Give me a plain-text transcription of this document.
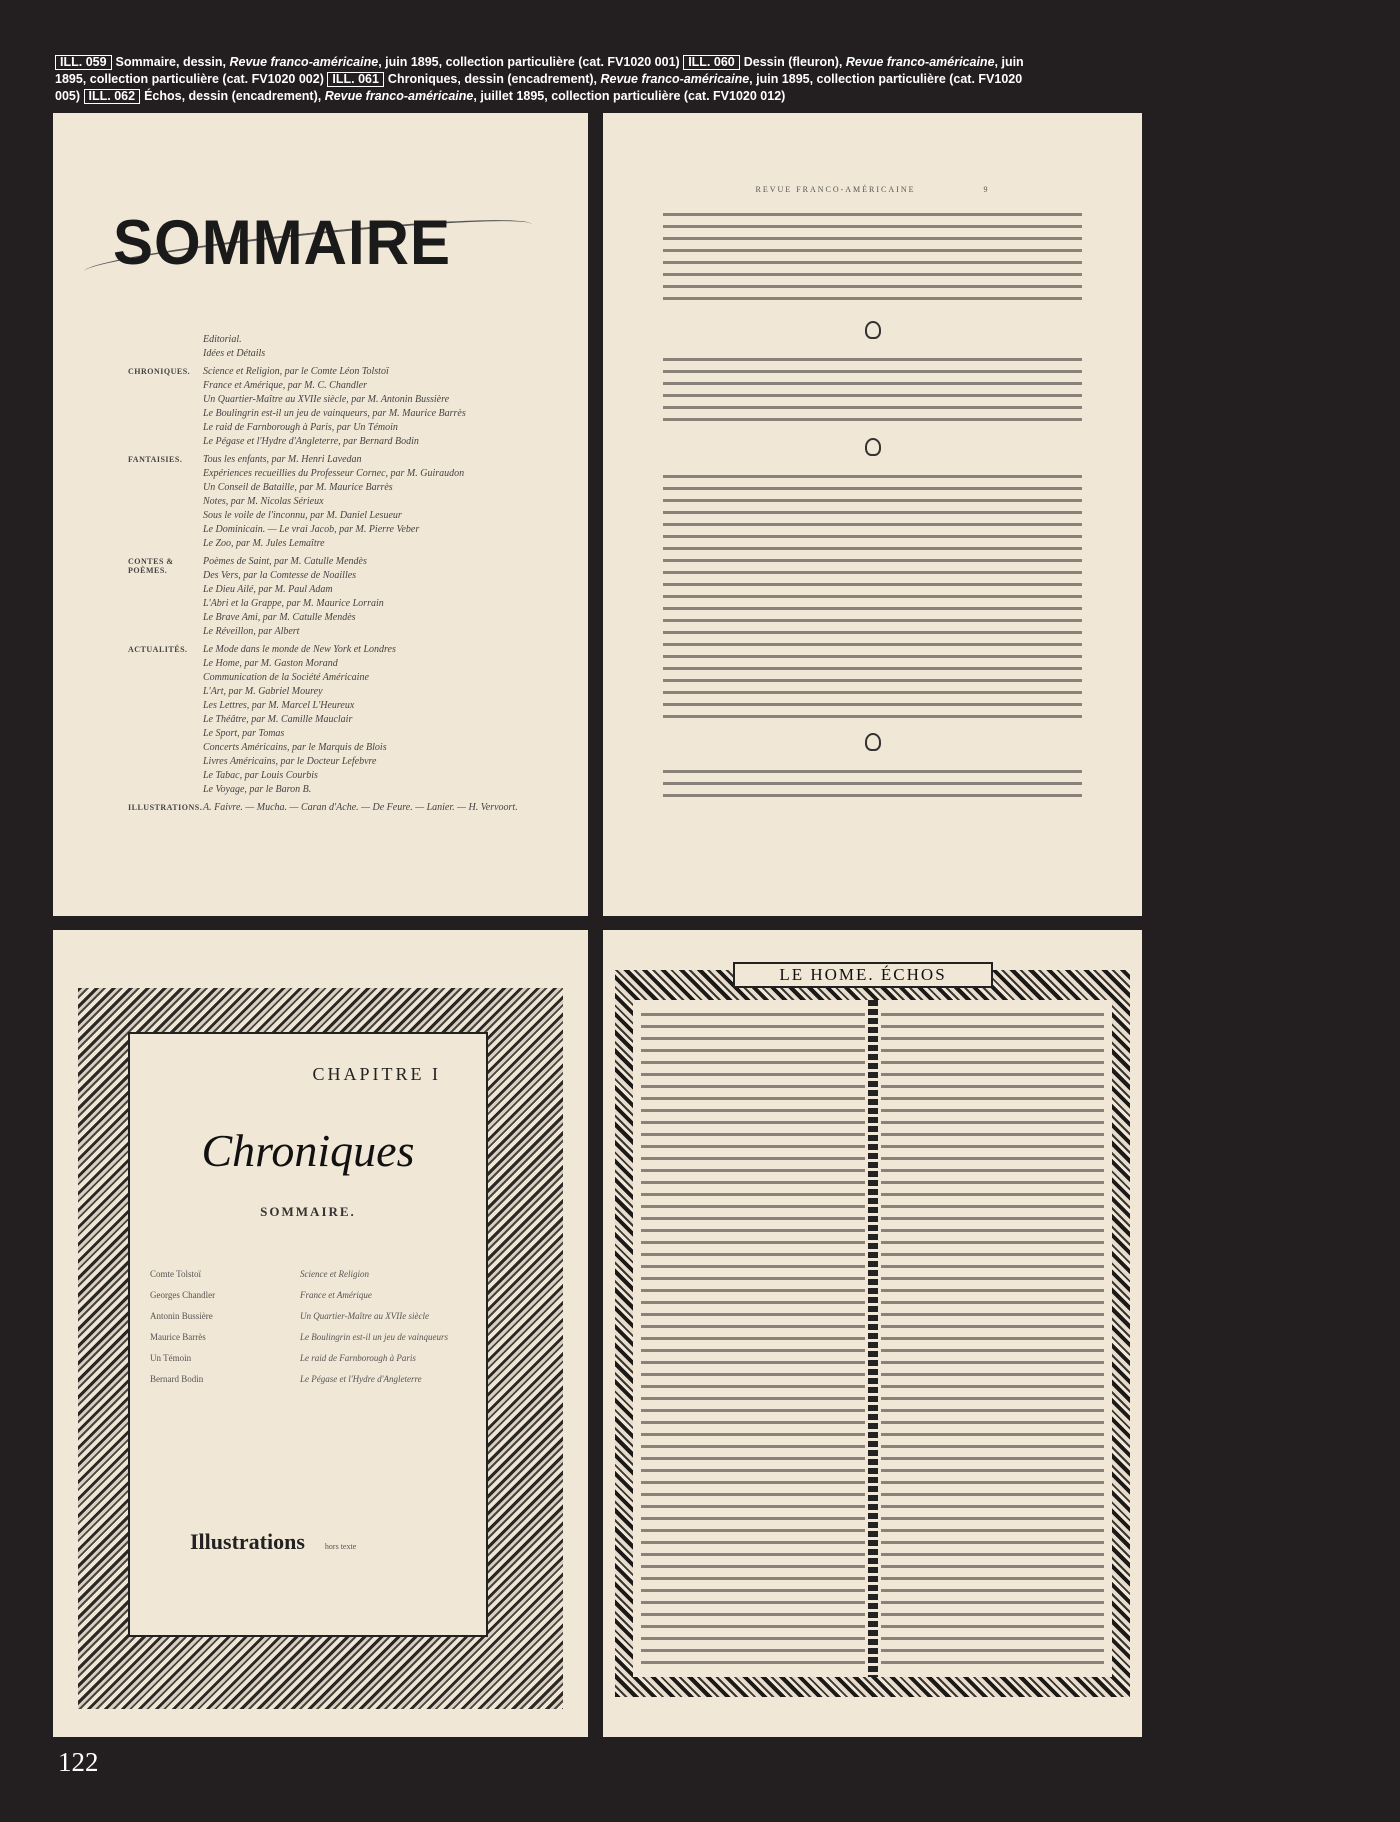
ILL. 059 Sommaire, dessin, Revue franco-américaine, juin 1895, collection particulière (cat. FV1020 001) ILL. 060 Dessin (fleuron), Revue franco-américaine, juin 1895, collection particulière (cat. FV1020 002) ILL. 061 Chroniques, dessin (encadrement), Revue franco-américaine, juin 1895, collection particulière (cat. FV1020 005) ILL. 062 Échos, dessin (encadrement), Revue franco-américaine, juillet 1895, collection particulière (cat. FV1020 012)
SOMMAIRE
Editorial.
Idées et Détails
CHRONIQUES.	Science et Religion, par le Comte Léon Tolstoï
France et Amérique, par M. C. Chandler
Un Quartier-Maître au XVIIe siècle, par M. Antonin Bussière
Le Boulingrin est-il un jeu de vainqueurs, par M. Maurice Barrès
Le raid de Farnborough à Paris, par Un Témoin
Le Pégase et l'Hydre d'Angleterre, par Bernard Bodin
FANTAISIES.	Tous les enfants, par M. Henri Lavedan
Expériences recueillies du Professeur Cornec, par M. Guiraudon
Un Conseil de Bataille, par M. Maurice Barrès
Notes, par M. Nicolas Sérieux
Sous le voile de l'inconnu, par M. Daniel Lesueur
Le Dominicain. — Le vrai Jacob, par M. Pierre Veber
Le Zoo, par M. Jules Lemaître
CONTES & POÈMES.
Poèmes de Saint, par M. Catulle Mendès
Des Vers, par la Comtesse de Noailles
Le Dieu Ailé, par M. Paul Adam
L'Abri et la Grappe, par M. Maurice Lorrain
Le Brave Ami, par M. Catulle Mendès
Le Réveillon, par Albert
ACTUALITÉS.	Le Mode dans le monde de New York et Londres
Le Home, par M. Gaston Morand
Communication de la Société Américaine
L'Art, par M. Gabriel Mourey
Les Lettres, par M. Marcel L'Heureux
Le Théâtre, par M. Camille Mauclair
Le Sport, par Tomas
Concerts Américains, par le Marquis de Blois
Livres Américains, par le Docteur Lefebvre
Le Tabac, par Louis Courbis
Le Voyage, par le Baron B.
ILLUSTRATIONS. A. Faivre. — Mucha. — Caran d'Ache. — De Feure. — Lanier. — H. Vervoort.
REVUE FRANCO-AMÉRICAINE	9
CHAPITRE I
Chroniques
SOMMAIRE.
Comte Tolstoï	Science et Religion
Georges Chandler	France et Amérique
Antonin Bussière	Un Quartier-Maître au XVIIe siècle
Maurice Barrès	Le Boulingrin est-il un jeu de vainqueurs
Un Témoin	Le raid de Farnborough à Paris
Bernard Bodin	Le Pégase et l'Hydre d'Angleterre
Illustrations	hors texte
LE HOME. ÉCHOS
122
